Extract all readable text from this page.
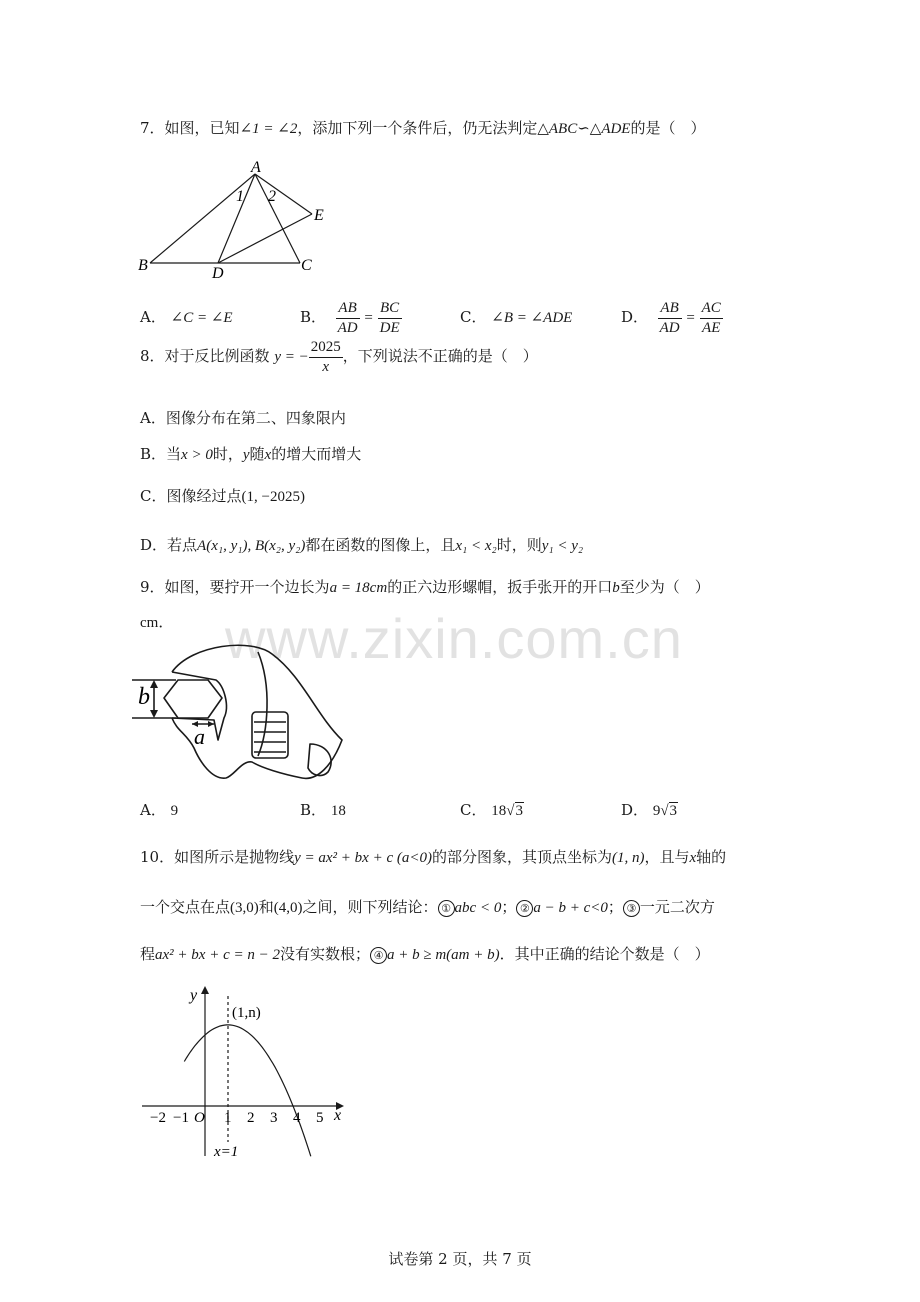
www.zixin.com.cn
7．如图，已知∠1 = ∠2，添加下列一个条件后，仍无法判定△ABC∽△ADE的是（　）
A
B	C
D
E
1 2
A． ∠C = ∠E	B． $\frac{AB}{AD} = \frac{BC}{DE}$	C． ∠B = ∠ADE	D． $\frac{AB}{AD} = \frac{AC}{AE}$
8．对于反比例函数 y = − $\frac{2025}{x}$ ，下列说法不正确的是（　）
A．图像分布在第二、四象限内
B．当x > 0时，y随x的增大而增大
C．图像经过点(1, −2025)
D．若点A(x₁, y₁), B(x₂, y₂)都在函数的图像上，且x₁ < x₂时，则y₁ < y₂
9．如图，要拧开一个边长为a = 18cm的正六边形螺帽，扳手张开的开口b至少为（　）
cm．
b
a
A． 9	B． 18	C． 18√3	D． 9√3
10．如图所示是抛物线y = ax² + bx + c (a<0)的部分图象，其顶点坐标为(1, n)，且与x轴的
一个交点在点(3,0)和(4,0)之间，则下列结论： ① abc < 0； ② a − b + c<0； ③ 一元二次方
程ax² + bx + c = n − 2没有实数根； ④ a + b ≥ m(am + b)．其中正确的结论个数是（　）
y
x
O
(1,n)
x=1
−2 −1 1 2 3 4 5
试卷第 2 页，共 7 页
